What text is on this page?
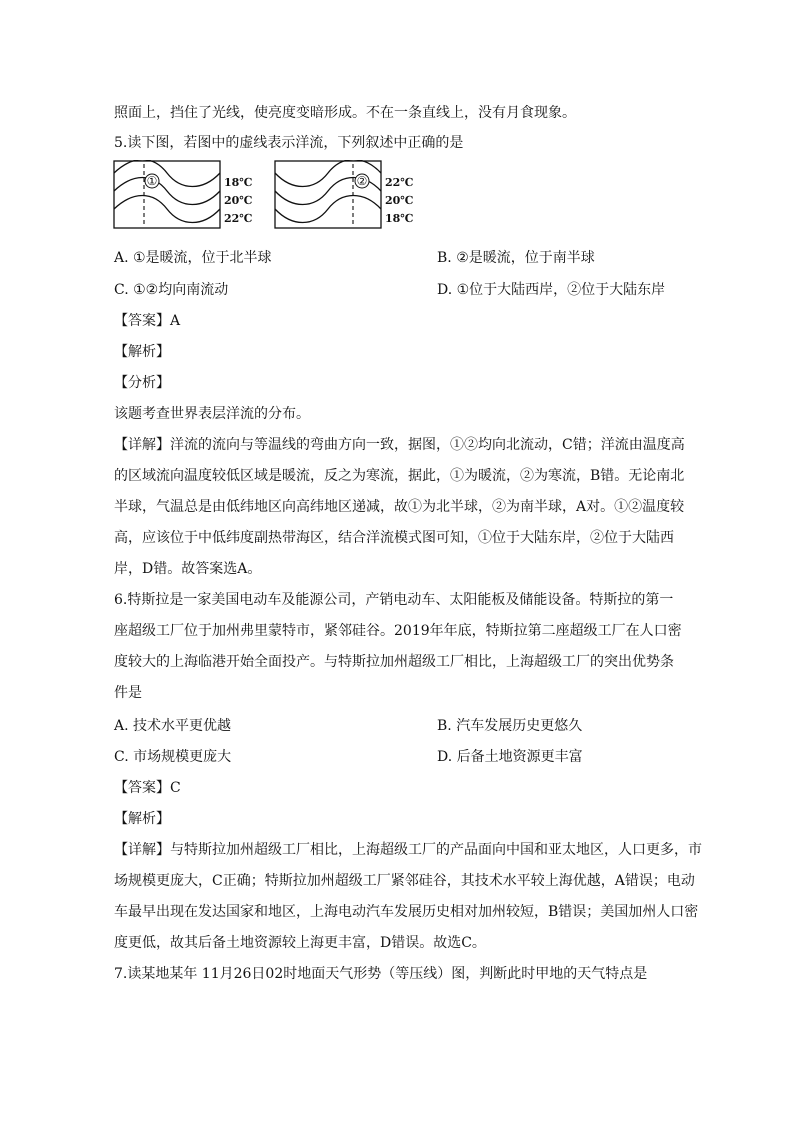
照面上，挡住了光线，使亮度变暗形成。不在一条直线上，没有月食现象。
5.读下图，若图中的虚线表示洋流，下列叙述中正确的是
①	18℃
20℃
22℃
② 22℃
20℃
18℃
A. ①是暖流，位于北半球	B. ②是暖流，位于南半球
C. ①②均向南流动	D. ①位于大陆西岸，②位于大陆东岸
【答案】A
【解析】
【分析】
该题考查世界表层洋流的分布。
【详解】洋流的流向与等温线的弯曲方向一致，据图，①②均向北流动，C错；洋流由温度高
的区域流向温度较低区域是暖流，反之为寒流，据此，①为暖流，②为寒流，B错。无论南北
半球，气温总是由低纬地区向高纬地区递减，故①为北半球，②为南半球，A对。①②温度较
高，应该位于中低纬度副热带海区，结合洋流模式图可知，①位于大陆东岸，②位于大陆西
岸，D错。故答案选A。
6.特斯拉是一家美国电动车及能源公司，产销电动车、太阳能板及储能设备。特斯拉的第一
座超级工厂位于加州弗里蒙特市，紧邻硅谷。2019年年底，特斯拉第二座超级工厂在人口密
度较大的上海临港开始全面投产。与特斯拉加州超级工厂相比，上海超级工厂的突出优势条
件是
A. 技术水平更优越	B. 汽车发展历史更悠久
C. 市场规模更庞大	D. 后备土地资源更丰富
【答案】C
【解析】
【详解】与特斯拉加州超级工厂相比，上海超级工厂的产品面向中国和亚太地区，人口更多，市
场规模更庞大，C正确；特斯拉加州超级工厂紧邻硅谷，其技术水平较上海优越，A错误；电动
车最早出现在发达国家和地区，上海电动汽车发展历史相对加州较短，B错误；美国加州人口密
度更低，故其后备土地资源较上海更丰富，D错误。故选C。
7.读某地某年 11月26日02时地面天气形势（等压线）图，判断此时甲地的天气特点是
